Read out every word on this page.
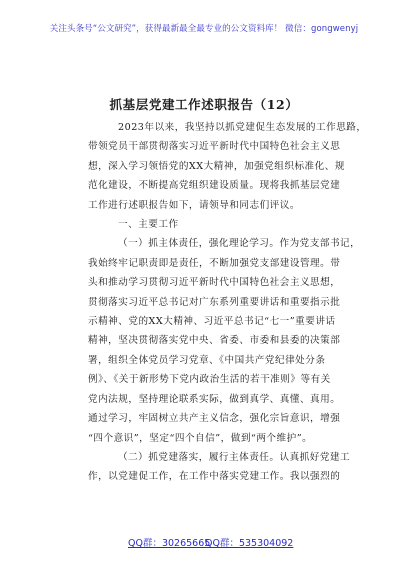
关注头条号“公文研究”，获得最新最全最专业的公文资料库！ 微信：gongwenyj
抓基层党建工作述职报告（12）
2023年以来，我坚持以抓党建促生态发展的工作思路，
带领党员干部贯彻落实习近平新时代中国特色社会主义思
想，深入学习领悟党的XX大精神，加强党组织标准化、规
范化建设，不断提高党组织建设质量。现将我抓基层党建
工作进行述职报告如下，请领导和同志们评议。
一、主要工作
（一）抓主体责任，强化理论学习。作为党支部书记，
我始终牢记职责即是责任，不断加强党支部建设管理。带
头和推动学习贯彻习近平新时代中国特色社会主义思想，
贯彻落实习近平总书记对广东系列重要讲话和重要指示批
示精神、党的XX大精神、习近平总书记“七一”重要讲话
精神，坚决贯彻落实党中央、省委、市委和县委的决策部
署，组织全体党员学习党章、《中国共产党纪律处分条
例》、《关于新形势下党内政治生活的若干准则》等有关
党内法规，坚持理论联系实际，做到真学、真懂、真用。
通过学习，牢固树立共产主义信念，强化宗旨意识，增强
“四个意识”，坚定“四个自信”，做到“两个维护”。
（二）抓党建落实，履行主体责任。认真抓好党建工
作，以党建促工作，在工作中落实党建工作。我以强烈的
QQ群：30265665
QQ群：535304092
